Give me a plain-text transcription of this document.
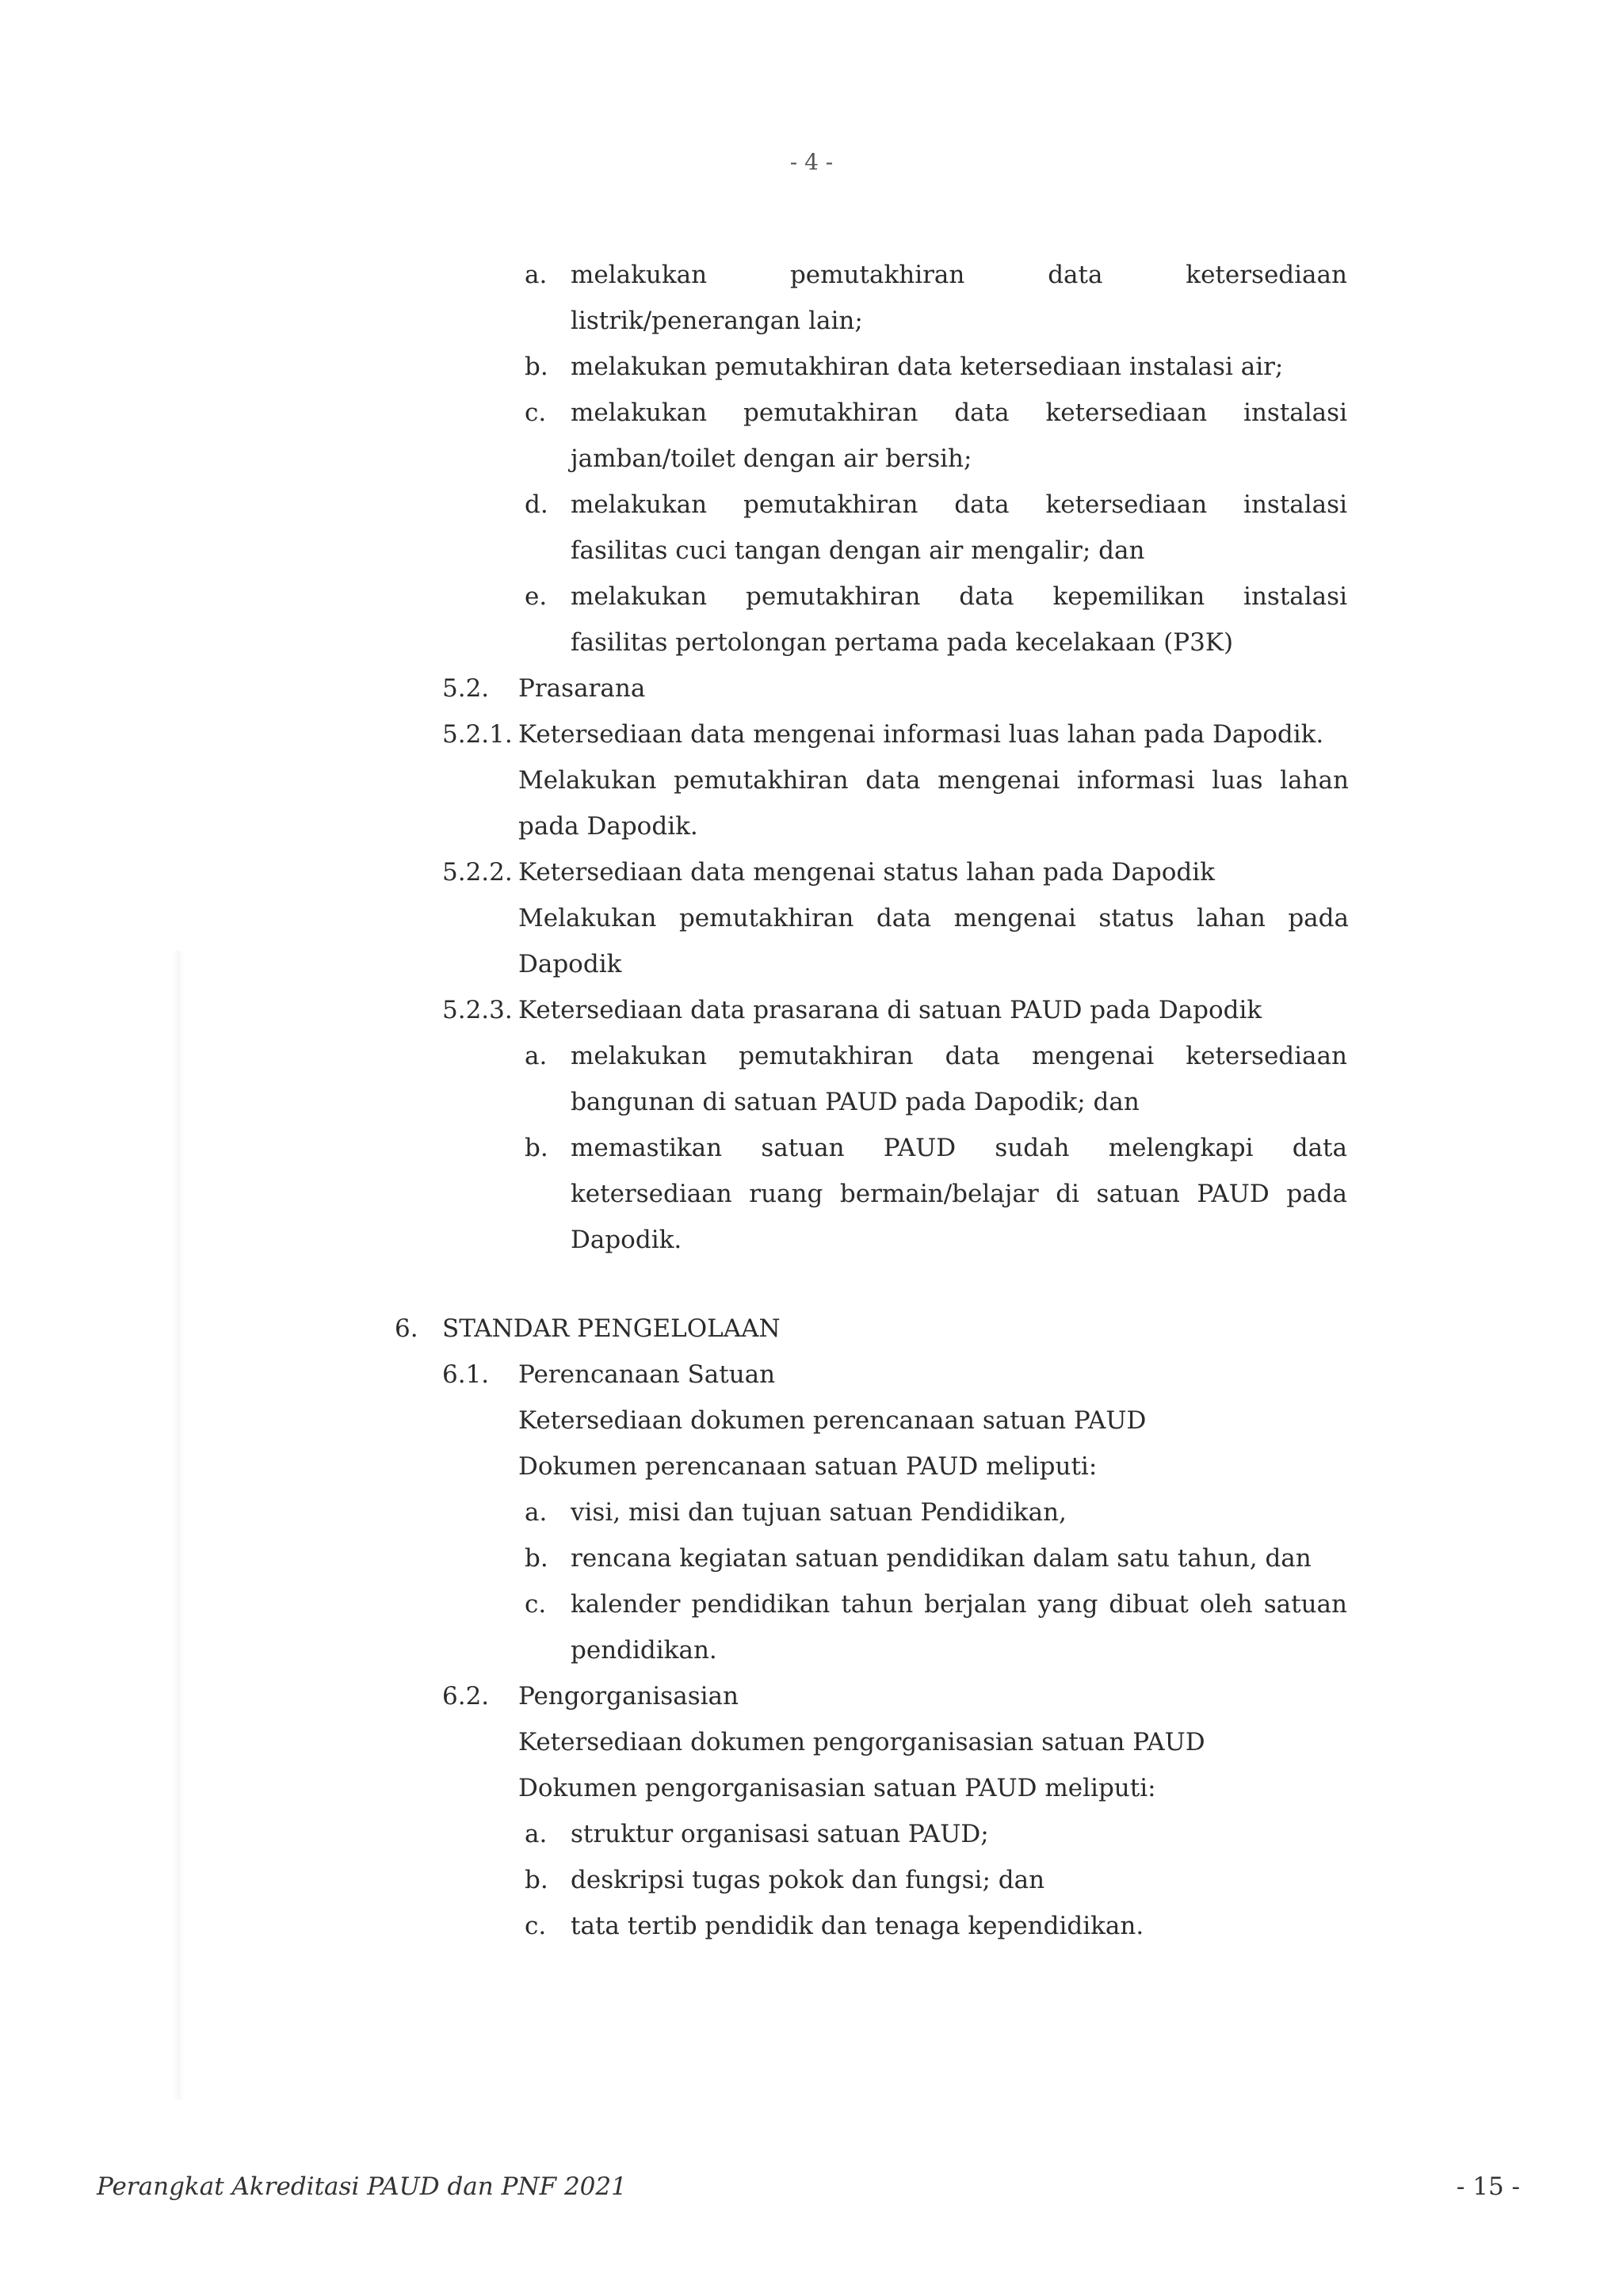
- 4 -
a. melakukan pemutakhiran data ketersediaan
listrik/penerangan lain;
b. melakukan pemutakhiran data ketersediaan instalasi air;
c. melakukan pemutakhiran data ketersediaan instalasi
jamban/toilet dengan air bersih;
d. melakukan pemutakhiran data ketersediaan instalasi
fasilitas cuci tangan dengan air mengalir; dan
e. melakukan pemutakhiran data kepemilikan instalasi
fasilitas pertolongan pertama pada kecelakaan (P3K)
5.2. Prasarana
5.2.1. Ketersediaan data mengenai informasi luas lahan pada Dapodik.
Melakukan pemutakhiran data mengenai informasi luas lahan
pada Dapodik.
5.2.2. Ketersediaan data mengenai status lahan pada Dapodik
Melakukan pemutakhiran data mengenai status lahan pada
Dapodik
5.2.3. Ketersediaan data prasarana di satuan PAUD pada Dapodik
a. melakukan pemutakhiran data mengenai ketersediaan
bangunan di satuan PAUD pada Dapodik; dan
b. memastikan satuan PAUD sudah melengkapi data
ketersediaan ruang bermain/belajar di satuan PAUD pada
Dapodik.
6. STANDAR PENGELOLAAN
6.1. Perencanaan Satuan
Ketersediaan dokumen perencanaan satuan PAUD
Dokumen perencanaan satuan PAUD meliputi:
a. visi, misi dan tujuan satuan Pendidikan,
b. rencana kegiatan satuan pendidikan dalam satu tahun, dan
c. kalender pendidikan tahun berjalan yang dibuat oleh satuan
pendidikan.
6.2. Pengorganisasian
Ketersediaan dokumen pengorganisasian satuan PAUD
Dokumen pengorganisasian satuan PAUD meliputi:
a. struktur organisasi satuan PAUD;
b. deskripsi tugas pokok dan fungsi; dan
c. tata tertib pendidik dan tenaga kependidikan.
Perangkat Akreditasi PAUD dan PNF 2021	- 15 -
